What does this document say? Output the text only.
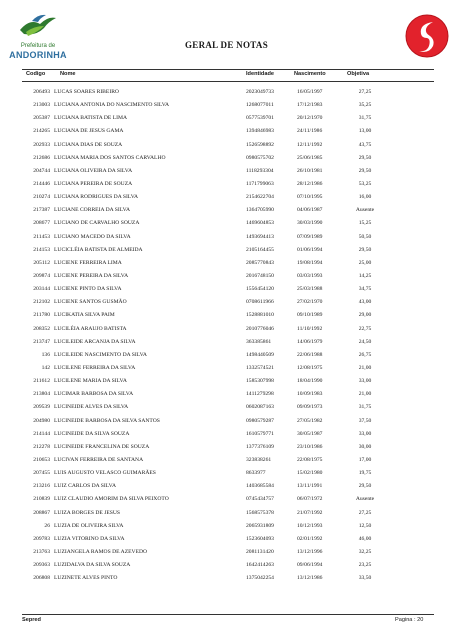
Prefeitura de
ANDORINHA
GERAL DE NOTAS
Codigo	Nome	Identidade	Nascimento	Objetiva
206493 LUCAS SOARES RIBEIRO	2023049733	16/05/1997	27,25
213003 LUCIANA ANTONIA DO NASCIMENTO SILVA	1268077011	17/12/1983	35,25
205387 LUCIANA BATISTA DE LIMA	0577539701	20/12/1970	31,75
214265 LUCIANA DE JESUS GAMA	1394846983	24/11/1986	13,00
202933 LUCIANA DIAS DE SOUZA	1526598892	12/11/1992	43,75
212686 LUCIANA MARIA DOS SANTOS CARVALHO	0980575702	25/06/1985	29,50
204744 LUCIANA OLIVEIRA DA SILVA	1118293304	26/10/1981	29,50
214446 LUCIANA PEREIRA DE SOUZA	1171799063	28/12/1986	53,25
210274 LUCIANA RODRIGUES DA SILVA	2154622704	07/10/1995	16,00
217387 LUCIANE CORREIA DA SILVA	1364705990	04/06/1987	Ausente
208677 LUCIANO DE CARVALHO SOUZA	1469604853	30/03/1990	15,25
211453 LUCIANO MACEDO DA SILVA	1493694413	07/09/1989	50,50
214153 LUCICLÉIA BATISTA DE ALMEIDA	2105164455	01/06/1994	29,50
205112 LUCIENE FERREIRA LIMA	2085770843	19/08/1994	25,00
209874 LUCIENE PEREIRA DA SILVA	2016748150	03/03/1993	14,25
203144 LUCIENE PINTO DA SILVA	1556454120	25/03/1988	34,75
212102 LUCIENE SANTOS GUSMÃO	0708611966	27/02/1970	43,00
211780 LUCIKATIA SILVA PAIM	1528881010	09/10/1989	29,00
208352 LUCILÉIA ARAUJO BATISTA	2010776046	11/10/1992	22,75
213747 LUCILEIDE ARCANJA DA SILVA	363385861	14/06/1979	24,50
136 LUCILEIDE NASCIMENTO DA SILVA	1498440509	22/06/1988	26,75
142 LUCILENE FERREIRA DA SILVA	1332574521	12/08/1975	21,00
211612 LUCILENE MARIA DA SILVA	1585307998	18/04/1990	33,00
213804 LUCIMAR BARBOSA DA SILVA	1411279298	10/09/1983	21,00
209539 LUCINEIDE ALVES DA SILVA	0602087163	09/09/1973	31,75
204980 LUCINEIDE BARBOSA DA SILVA SANTOS	0980579287	27/05/1982	37,50
214144 LUCINEIDE DA SILVA SOUZA	1610579771	30/05/1987	33,00
212278 LUCINEIDE FRANCELINA DE SOUZA	1377376109	23/10/1986	30,00
210653 LUCIVAN FERREIRA DE SANTANA	323838261	22/08/1975	17,00
207455 LUIS AUGUSTO VELASCO GUIMARÃES	8633977	15/02/1980	19,75
213216 LUIZ CARLOS DA SILVA	1403685584	13/11/1991	29,50
210839 LUIZ CLAUDIO AMORIM DA SILVA PEIXOTO	0745434757	06/07/1972	Ausente
208867 LUIZA BORGES DE JESUS	1568575378	21/07/1992	27,25
26 LUZIA DE OLIVEIRA SILVA	2065931809	10/12/1993	12,50
209783 LUZIA VITORINO DA SILVA	1523604093	02/01/1992	46,00
213763 LUZIANGELA RAMOS DE AZEVEDO	2081131420	13/12/1996	32,25
209363 LUZIDALVA DA SILVA SOUZA	1642414263	09/06/1994	23,25
206808 LUZINETE ALVES PINTO	1375042254	13/12/1986	33,50
Sepred	Pagina : 20
